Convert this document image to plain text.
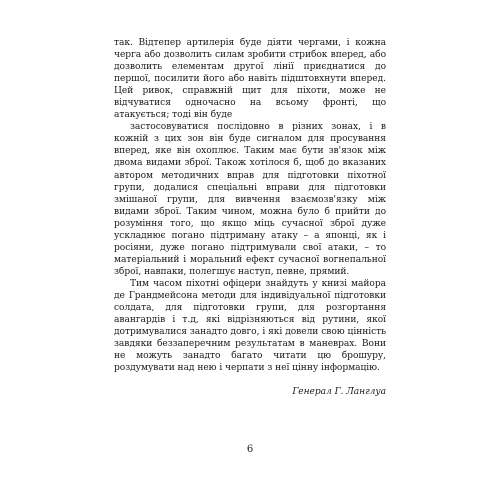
так. Відтепер артилерія буде діяти чергами, і кожна черга або дозволить силам зробити стрибок вперед, або дозволить елементам другої лінії приєднатися до першої, посилити його або навіть підштовхнути вперед. Цей ривок, справжній щит для піхоти, може не відчуватися одночасно на всьому фронті, що атакується; тоді він буде

застосовуватися послідовно в різних зонах, і в кожній з цих зон він буде сигналом для просування вперед, яке він охоплює. Таким має бути зв'язок між двома видами зброї. Також хотілося б, щоб до вказаних автором методичних вправ для підготовки піхотної групи, додалися спеціальні вправи для підготовки змішаної групи, для вивчення взаємозв'язку між видами зброї. Таким чином, можна було б прийти до розуміння того, що якщо міць сучасної зброї дуже ускладнює погано підтриману атаку – а японці, як і росіяни, дуже погано підтримували свої атаки, – то матеріальний і моральний ефект сучасної вогнепальної зброї, навпаки, полегшує наступ, певне, прямий.

Тим часом піхотні офіцери знайдуть у книзі майора де Грандмейсона методи для індивідуальної підготовки солдата, для підготовки групи, для розгортання авангардів і т.д, які відрізняються від рутини, якої дотримувалися занадто довго, і які довели свою цінність завдяки беззаперечним результатам в маневрах. Вони не можуть занадто багато читати цю брошуру, роздумувати над нею і черпати з неї цінну інформацію.

Генерал Г. Ланглуа

6
